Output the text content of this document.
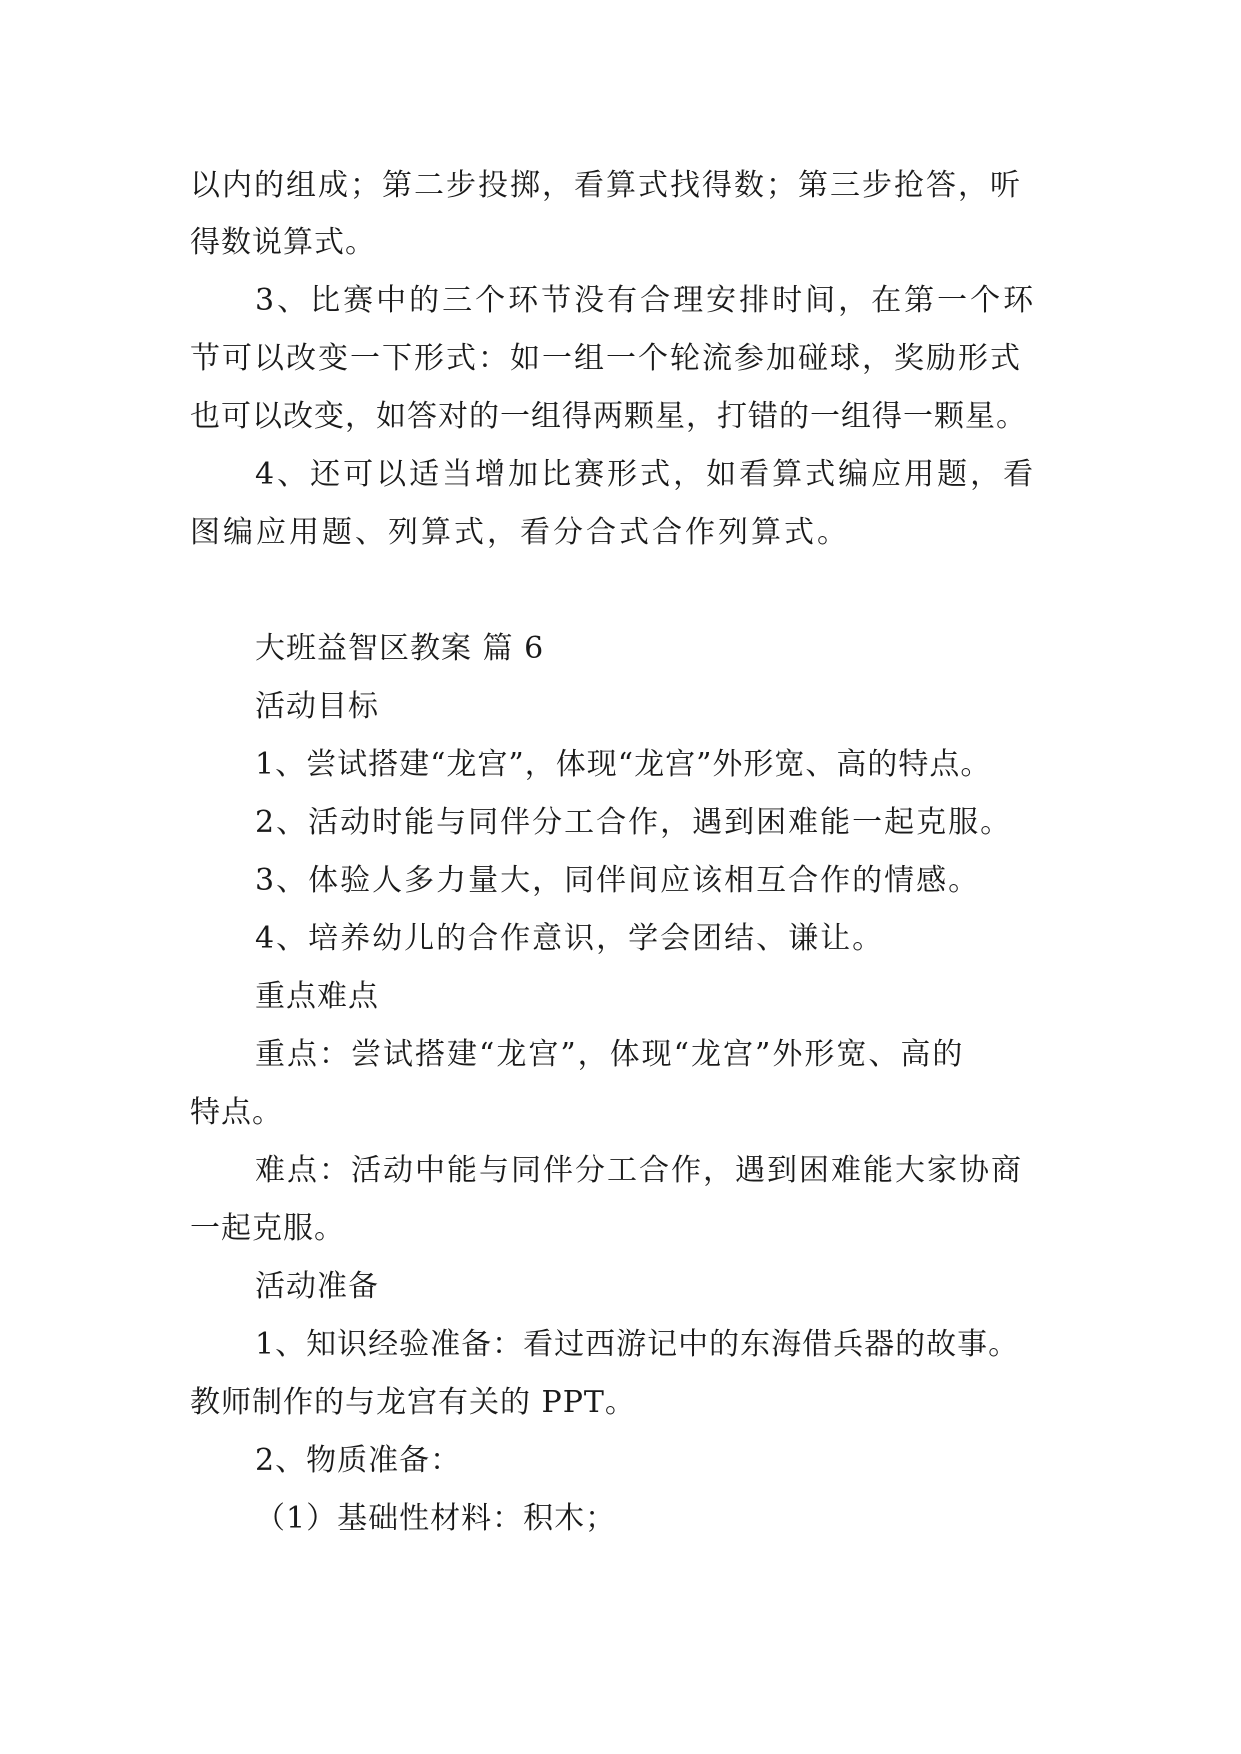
以内的组成；第二步投掷，看算式找得数；第三步抢答，听
得数说算式。
3、比赛中的三个环节没有合理安排时间，在第一个环
节可以改变一下形式：如一组一个轮流参加碰球，奖励形式
也可以改变，如答对的一组得两颗星，打错的一组得一颗星。
4、还可以适当增加比赛形式，如看算式编应用题，看
图编应用题、列算式，看分合式合作列算式。
大班益智区教案 篇 6
活动目标
1、尝试搭建“龙宫”，体现“龙宫”外形宽、高的特点。
2、活动时能与同伴分工合作，遇到困难能一起克服。
3、体验人多力量大，同伴间应该相互合作的情感。
4、培养幼儿的合作意识，学会团结、谦让。
重点难点
重点：尝试搭建“龙宫”，体现“龙宫”外形宽、高的
特点。
难点：活动中能与同伴分工合作，遇到困难能大家协商
一起克服。
活动准备
1、知识经验准备：看过西游记中的东海借兵器的故事。
教师制作的与龙宫有关的 PPT。
2、物质准备：
（1）基础性材料：积木；
